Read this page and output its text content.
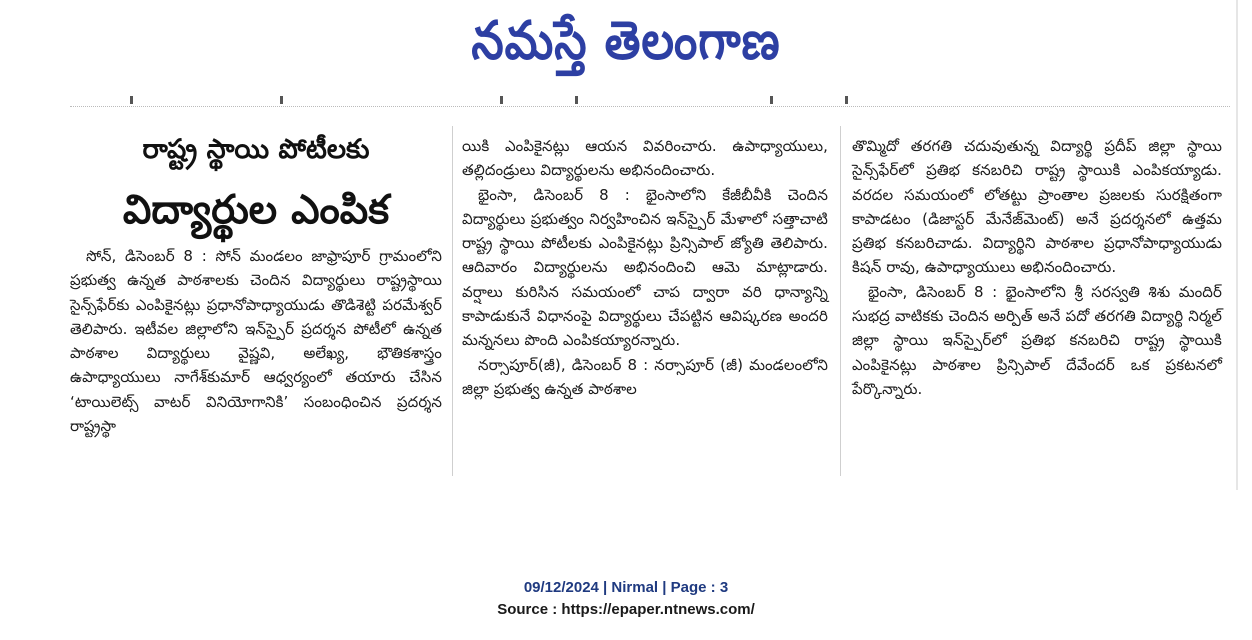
నమస్తే తెలంగాణ
రాష్ట్ర స్థాయి పోటీలకు
విద్యార్థుల ఎంపిక

సోన్, డిసెంబర్ 8 : సోన్ మండలం జాఫ్రాపూర్ గ్రామంలోని ప్రభుత్వ ఉన్నత పాఠశాలకు చెందిన విద్యార్థులు రాష్ట్రస్థాయి సైన్స్‌ఫేర్‌కు ఎంపికైనట్లు ప్రధానోపాధ్యాయుడు తొడిశెట్టి పరమేశ్వర్ తెలిపారు. ఇటీవల జిల్లాలోని ఇన్‌స్పైర్ ప్రదర్శన పోటీలో ఉన్నత పాఠశాల విద్యార్థులు వైష్ణవి, అలేఖ్య, భౌతికశాస్త్రం ఉపాధ్యాయులు నాగేశ్‌కుమార్ ఆధ్వర్యంలో తయారు చేసిన ‘టాయిలెట్స్ వాటర్ వినియోగానికి’ సంబంధించిన ప్రదర్శన రాష్ట్రస్థా

యికి ఎంపికైనట్లు ఆయన వివరించారు. ఉపాధ్యాయులు, తల్లిదండ్రులు విద్యార్థులను అభినందించారు.

భైంసా, డిసెంబర్ 8 : భైంసాలోని కేజీబీవీకి చెందిన విద్యార్థులు ప్రభుత్వం నిర్వహించిన ఇన్‌స్పైర్ మేళాలో సత్తాచాటి రాష్ట్ర స్థాయి పోటీలకు ఎంపికైనట్లు ప్రిన్సిపాల్ జ్యోతి తెలిపారు. ఆదివారం విద్యార్థులను అభినందించి ఆమె మాట్లాడారు. వర్షాలు కురిసిన సమయంలో చాప ద్వారా వరి ధాన్యాన్ని కాపాడుకునే విధానంపై విద్యార్థులు చేపట్టిన ఆవిష్కరణ అందరి మన్ననలు పొంది ఎంపికయ్యారన్నారు.

నర్సాపూర్(జీ), డిసెంబర్ 8 : నర్సాపూర్ (జీ) మండలంలోని జిల్లా ప్రభుత్వ ఉన్నత పాఠశాల

తొమ్మిదో తరగతి చదువుతున్న విద్యార్థి ప్రదీప్ జిల్లా స్థాయి సైన్స్‌ఫేర్‌లో ప్రతిభ కనబరిచి రాష్ట్ర స్థాయికి ఎంపికయ్యాడు. వరదల సమయంలో లోతట్టు ప్రాంతాల ప్రజలకు సురక్షితంగా కాపాడటం (డిజాస్టర్ మేనేజ్‌మెంట్) అనే ప్రదర్శనలో ఉత్తమ ప్రతిభ కనబరిచాడు. విద్యార్థిని పాఠశాల ప్రధానోపాధ్యాయుడు కిషన్ రావు, ఉపాధ్యాయులు అభినందించారు.

భైంసా, డిసెంబర్ 8 : భైంసాలోని శ్రీ సరస్వతి శిశు మందిర్ సుభద్ర వాటికకు చెందిన అర్పిత్ అనే పదో తరగతి విద్యార్థి నిర్మల్ జిల్లా స్థాయి ఇన్‌స్పైర్‌లో ప్రతిభ కనబరిచి రాష్ట్ర స్థాయికి ఎంపికైనట్లు పాఠశాల ప్రిన్సిపాల్ దేవేందర్ ఒక ప్రకటనలో పేర్కొన్నారు.

09/12/2024 | Nirmal | Page : 3
Source : https://epaper.ntnews.com/
